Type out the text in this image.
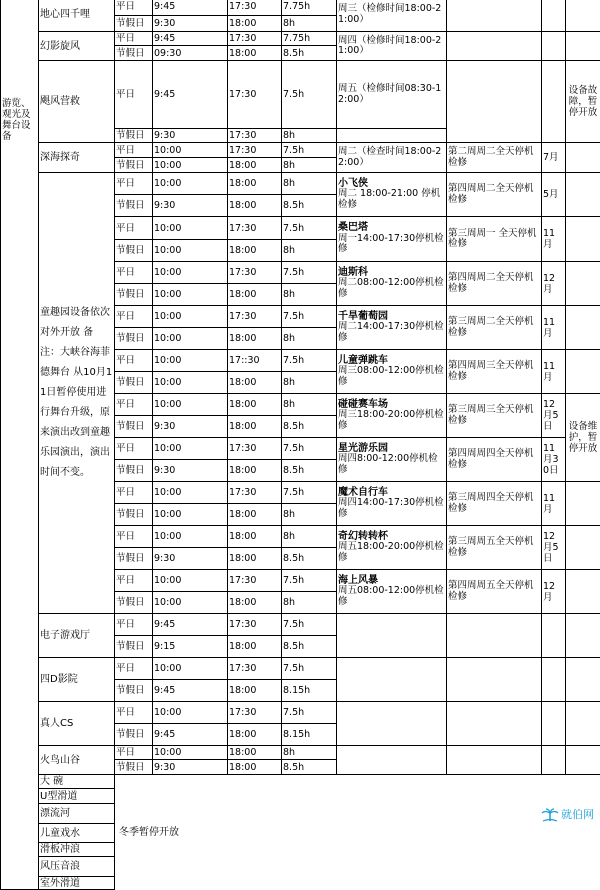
游览、观光及舞台设备	地心四千哩	平日	9:45	17:30	7.75h	周三（检修时间18:00-21:00）			
		节假日	9:30	18:00	8h				
	幻影旋风	平日	9:45	17:30	7.75h	周四（检修时间18:00-21:00）			
		节假日	09:30	18:00	8.5h				
	飓风营救	平日	9:45	17:30	7.5h	周五（检修时间08:30-12:00）			设备故障，暂停开放

		节假日	9:30	17:30	8h				
	深海探奇	平日	10:00	17:30	7.5h	周二（检查时间18:00-22:00）	第二周周二全天停机检修	7月	
		节假日	10:00	18:00	8h				
	童趣园设备依次对外开放 备注：大峡谷海菲德舞台 从10月11日暂停使用进行舞台升级，原来演出改到童趣乐园演出，演出时间不变。	平日	10:00	18:00	8h	小飞侠
周二 18:00-21:00 停机检修	第四周周二全天停机检修	5月	
		节假日	9:30	18:00	8.5h				
		平日	10:00	17:30	7.5h	桑巴塔
周一14:00-17:30停机检修	第三周周一 全天停机检修	11月	
		节假日	10:00	18:00	8h				
		平日	10:00	17:30	7.5h	迪斯科
周二08:00-12:00停机检修	第四周周二全天停机检修	12月	
		节假日	10:00	18:00	8h				
		平日	10:00	17:30	7.5h	千旱葡萄园
周二14:00-17:30停机检修	第三周周二全天停机检修	11月	
		节假日	10:00	18:00	8h				
		平日	10:00	17::30	7.5h	儿童弹跳车
周三08:00-12:00停机检修	第四周周三全天停机检修	11月	
		节假日	10:00	18:00	8h				
		平日	10:00	18:00	8h	碰碰赛车场
周三18:00-20:00停机检修	第三周周三全天停机检修	12月5日	设备维护，暂停开放
		节假日	9:30	18:00	8.5h				
		平日	10:00	17:30	7.5h	星光游乐园
周四8:00-12:00停机检修	第四周周四全天停机检修	11月30日	
		节假日	9:30	18:00	8.5h				
		平日	10:00	17:30	7.5h	魔术自行车
周四14:00-17:30停机检修	第三周周四全天停机检修	11月	
		节假日	10:00	18:00	8h				
		平日	10:00	18:00	8h	奇幻转转杯
周五18:00-20:00停机检修	第三周周五全天停机检修	12月5日	
		节假日	9:30	18:00	8.5h				
		平日	10:00	17:30	7.5h	海上风暴
周五08:00-12:00停机检修	第四周周五全天停机检修	12月	
		节假日	10:00	18:00	8h				
	电子游戏厅	平日	9:45	17:30	7.5h				
		节假日	9:15	18:00	8.5h				
	四D影院	平日	10:00	17:30	7.5h				
		节假日	9:45	18:00	8.15h				
	真人CS	平日	10:00	17:30	7.5h				
		节假日	9:45	18:00	8.15h				
	火鸟山谷	平日	10:00	18:00	8h				
		节假日	9:30	18:00	8.5h				
	大 碗	冬季暂停开放							
	U型滑道								
	漂流河								
	儿童戏水								
	滑板冲浪								
	风压音浪								
	室外滑道								
就伯网
